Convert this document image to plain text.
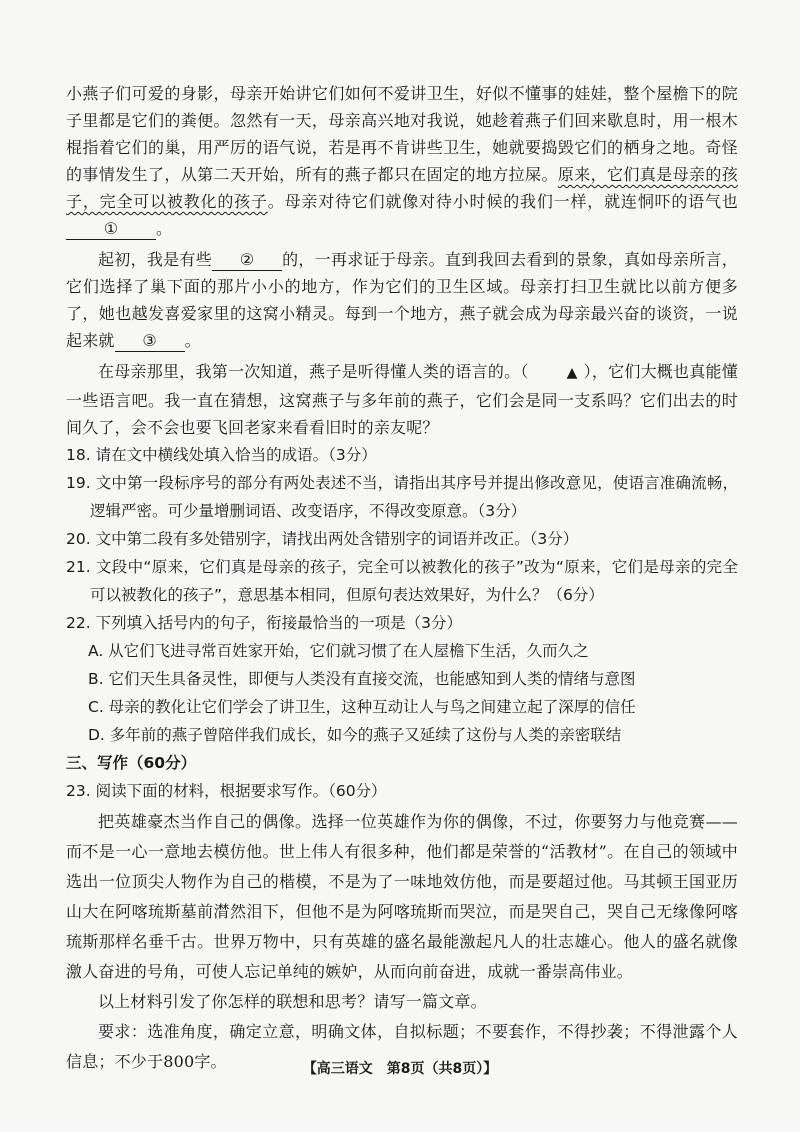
小燕子们可爱的身影，母亲开始讲它们如何不爱讲卫生，好似不懂事的娃娃，整个屋檐下的院子里都是它们的粪便。忽然有一天，母亲高兴地对我说，她趁着燕子们回来歇息时，用一根木棍指着它们的巢，用严厉的语气说，若是再不肯讲些卫生，她就要捣毁它们的栖身之地。奇怪的事情发生了，从第二天开始，所有的燕子都只在固定的地方拉屎。原来，它们真是母亲的孩子，完全可以被教化的孩子。母亲对待它们就像对待小时候的我们一样，就连恫吓的语气也① 。

起初，我是有些 ② 的，一再求证于母亲。直到我回去看到的景象，真如母亲所言，它们选择了巢下面的那片小小的地方，作为它们的卫生区域。母亲打扫卫生就比以前方便多了，她也越发喜爱家里的这窝小精灵。每到一个地方，燕子就会成为母亲最兴奋的谈资，一说起来就 ③ 。

在母亲那里，我第一次知道，燕子是听得懂人类的语言的。（	▲ ），它们大概也真能懂一些语言吧。我一直在猜想，这窝燕子与多年前的燕子，它们会是同一支系吗？它们出去的时间久了，会不会也要飞回老家来看看旧时的亲友呢？

18. 请在文中横线处填入恰当的成语。（3分）

19. 文中第一段标序号的部分有两处表述不当，请指出其序号并提出修改意见，使语言准确流畅，逻辑严密。可少量增删词语、改变语序，不得改变原意。（3分）

20. 文中第二段有多处错别字，请找出两处含错别字的词语并改正。（3分）

21. 文段中“原来，它们真是母亲的孩子，完全可以被教化的孩子”改为“原来，它们是母亲的完全可以被教化的孩子”，意思基本相同，但原句表达效果好，为什么？（6分）

22. 下列填入括号内的句子，衔接最恰当的一项是（3分）

A. 从它们飞进寻常百姓家开始，它们就习惯了在人屋檐下生活，久而久之

B. 它们天生具备灵性，即便与人类没有直接交流，也能感知到人类的情绪与意图

C. 母亲的教化让它们学会了讲卫生，这种互动让人与鸟之间建立起了深厚的信任

D. 多年前的燕子曾陪伴我们成长，如今的燕子又延续了这份与人类的亲密联结

三、写作（60分）

23. 阅读下面的材料，根据要求写作。（60分）

把英雄豪杰当作自己的偶像。选择一位英雄作为你的偶像，不过，你要努力与他竞赛——而不是一心一意地去模仿他。世上伟人有很多种，他们都是荣誉的“活教材”。在自己的领域中选出一位顶尖人物作为自己的楷模，不是为了一味地效仿他，而是要超过他。马其顿王国亚历山大在阿喀琉斯墓前潸然泪下，但他不是为阿喀琉斯而哭泣，而是哭自己，哭自己无缘像阿喀琉斯那样名垂千古。世界万物中，只有英雄的盛名最能激起凡人的壮志雄心。他人的盛名就像激人奋进的号角，可使人忘记单纯的嫉妒，从而向前奋进，成就一番崇高伟业。

以上材料引发了你怎样的联想和思考？请写一篇文章。

要求：选准角度，确定立意，明确文体，自拟标题；不要套作，不得抄袭；不得泄露个人信息；不少于800字。	【高三语文　第8页（共8页）】
